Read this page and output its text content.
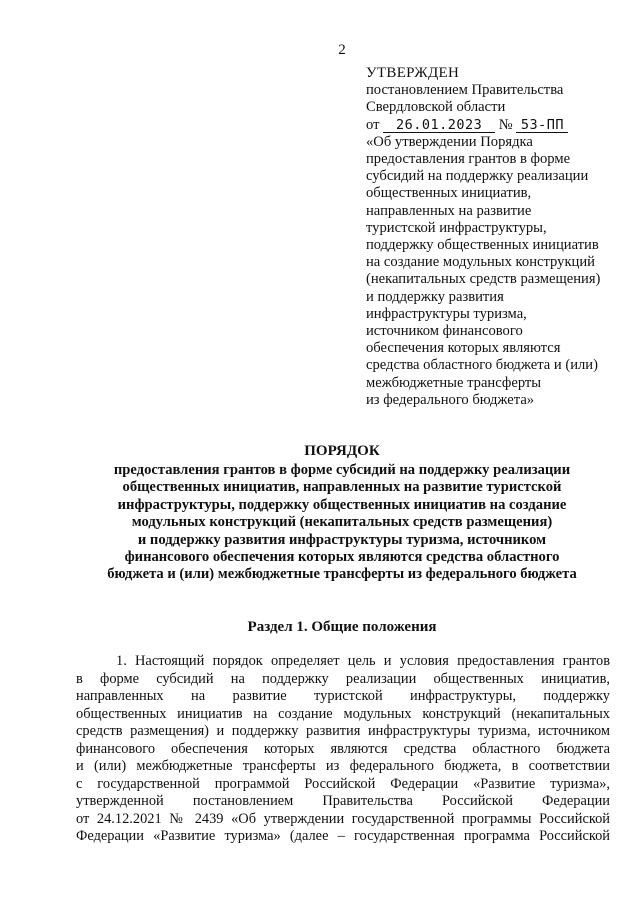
2
УТВЕРЖДЕН
постановлением Правительства
Свердловской области
от 26.01.2023 № 53-ПП
«Об утверждении Порядка
предоставления грантов в форме
субсидий на поддержку реализации
общественных инициатив,
направленных на развитие
туристской инфраструктуры,
поддержку общественных инициатив
на создание модульных конструкций
(некапитальных средств размещения)
и поддержку развития
инфраструктуры туризма,
источником финансового
обеспечения которых являются
средства областного бюджета и (или)
межбюджетные трансферты
из федерального бюджета»
ПОРЯДОК
предоставления грантов в форме субсидий на поддержку реализации
общественных инициатив, направленных на развитие туристской
инфраструктуры, поддержку общественных инициатив на создание
модульных конструкций (некапитальных средств размещения)
и поддержку развития инфраструктуры туризма, источником
финансового обеспечения которых являются средства областного
бюджета и (или) межбюджетные трансферты из федерального бюджета
Раздел 1. Общие положения
1. Настоящий порядок определяет цель и условия предоставления грантов
в форме субсидий на поддержку реализации общественных инициатив,
направленных на развитие туристской инфраструктуры, поддержку
общественных инициатив на создание модульных конструкций (некапитальных
средств размещения) и поддержку развития инфраструктуры туризма, источником
финансового обеспечения которых являются средства областного бюджета
и (или) межбюджетные трансферты из федерального бюджета, в соответствии
с государственной программой Российской Федерации «Развитие туризма»,
утвержденной постановлением Правительства Российской Федерации
от 24.12.2021 № 2439 «Об утверждении государственной программы Российской
Федерации «Развитие туризма» (далее – государственная программа Российской
